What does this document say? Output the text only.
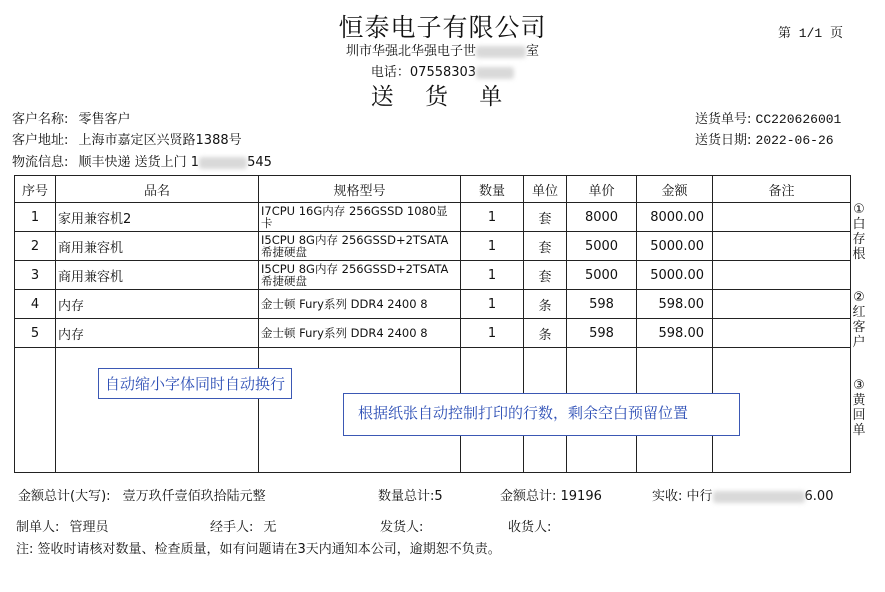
恒泰电子有限公司	第 1/1 页
圳市华强北华强电子世	室
电话：07558303
送 货 单
客户名称: 零售客户
客户地址: 上海市嘉定区兴贤路1388号
物流信息: 顺丰快递 送货上门 1	545
送货单号: CC220626001
送货日期: 2022-06-26
序号	品名	规格型号	数量	单位	单价	金额	备注
1	家用兼容机2	I7CPU 16G内存 256GSSD 1080显卡	1	套	8000	8000.00	
2	商用兼容机	I5CPU 8G内存 256GSSD+2TSATA希捷硬盘	1	套	5000	5000.00	
3	商用兼容机	I5CPU 8G内存 256GSSD+2TSATA希捷硬盘	1	套	5000	5000.00	
4	内存	金士顿 Fury系列 DDR4 2400 8	1	条	598	598.00	
5	内存	金士顿 Fury系列 DDR4 2400 8	1	条	598	598.00	

自动缩小字体同时自动换行
根据纸张自动控制打印的行数，剩余空白预留位置
①
白
存
根
②
红
客
户
③
黄
回
单
金额总计(大写): 壹万玖仟壹佰玖拾陆元整	数量总计:5	金额总计: 19196	实收: 中行	6.00
制单人: 管理员	经手人: 无	发货人:	收货人:
注: 签收时请核对数量、检查质量，如有问题请在3天内通知本公司，逾期恕不负责。
